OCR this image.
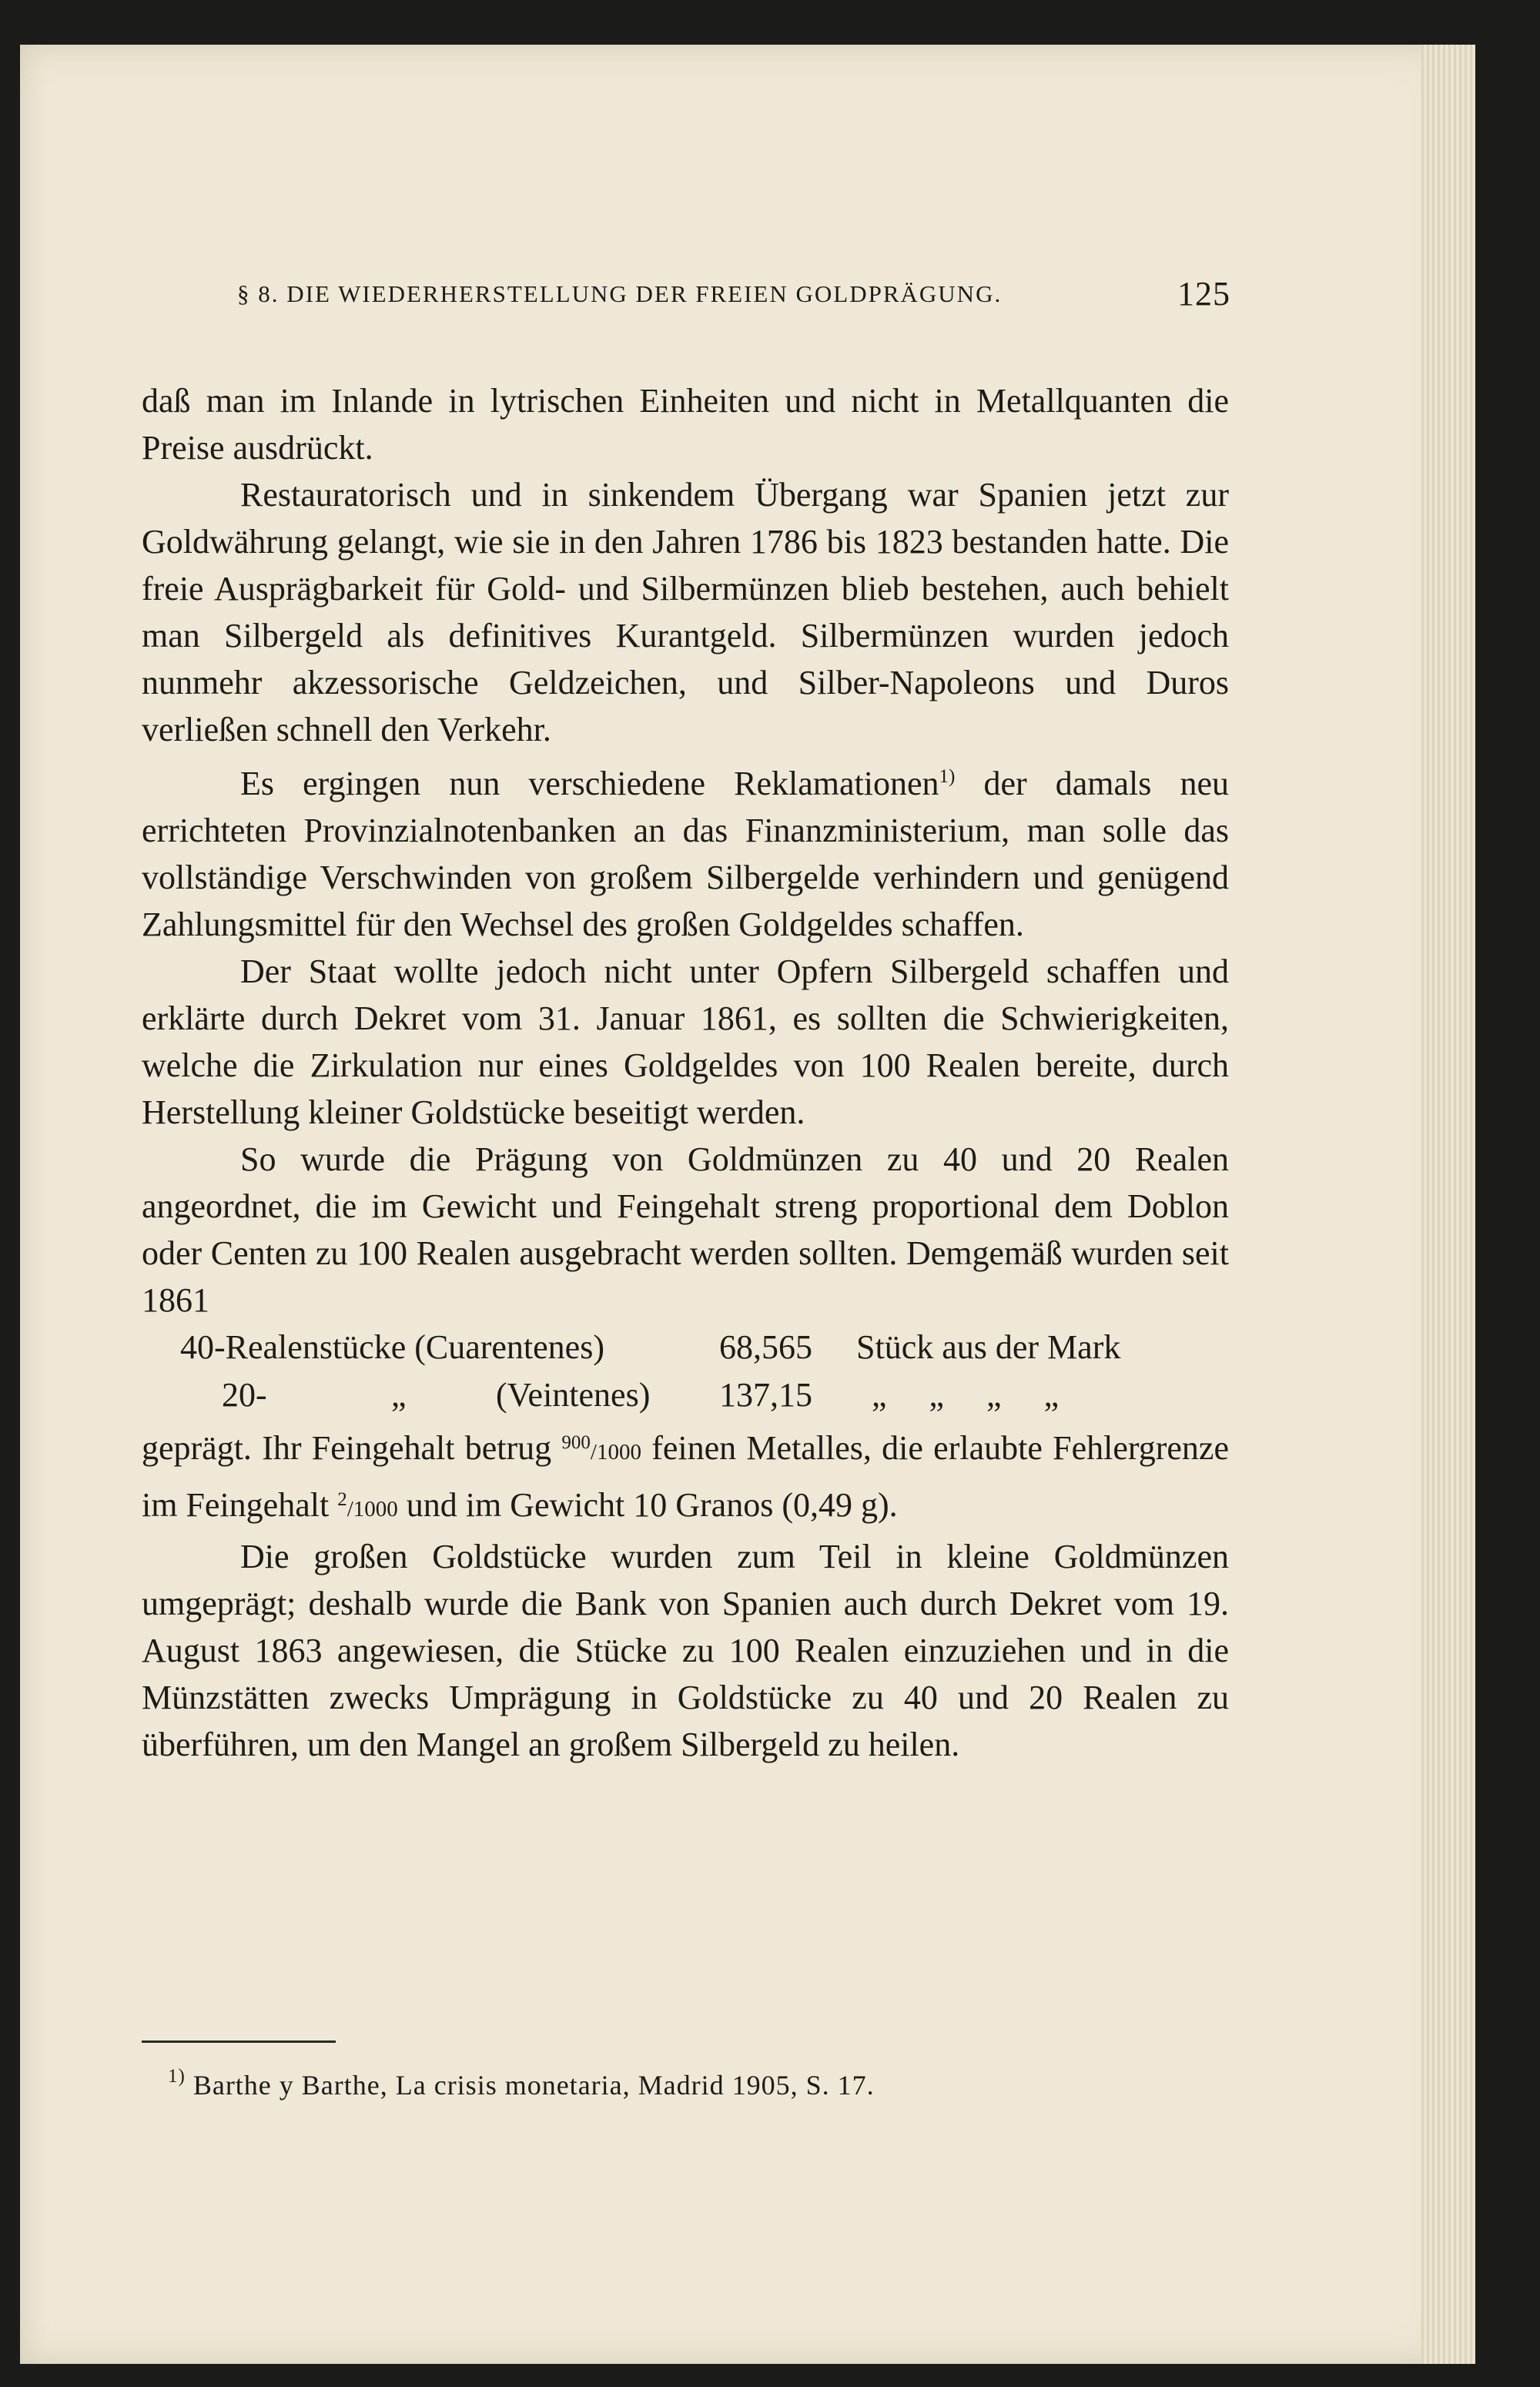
§ 8. DIE WIEDERHERSTELLUNG DER FREIEN GOLDPRÄGUNG.	125

daß man im Inlande in lytrischen Einheiten und nicht in Metallquanten die Preise ausdrückt.

Restauratorisch und in sinkendem Übergang war Spanien jetzt zur Goldwährung gelangt, wie sie in den Jahren 1786 bis 1823 bestanden hatte. Die freie Ausprägbarkeit für Gold- und Silbermünzen blieb bestehen, auch behielt man Silbergeld als definitives Kurantgeld. Silbermünzen wurden jedoch nunmehr akzessorische Geldzeichen, und Silber-Napoleons und Duros verließen schnell den Verkehr.

Es ergingen nun verschiedene Reklamationen$^{1)}$ der damals neu errichteten Provinzialnotenbanken an das Finanzministerium, man solle das vollständige Verschwinden von großem Silbergelde verhindern und genügend Zahlungsmittel für den Wechsel des großen Goldgeldes schaffen.

Der Staat wollte jedoch nicht unter Opfern Silbergeld schaffen und erklärte durch Dekret vom 31. Januar 1861, es sollten die Schwierigkeiten, welche die Zirkulation nur eines Goldgeldes von 100 Realen bereite, durch Herstellung kleiner Goldstücke beseitigt werden.

So wurde die Prägung von Goldmünzen zu 40 und 20 Realen angeordnet, die im Gewicht und Feingehalt streng proportional dem Doblon oder Centen zu 100 Realen ausgebracht werden sollten. Demgemäß wurden seit 1861

40-Realenstücke (Cuarentenes)	68,565 Stück aus der Mark
20-	„	(Veintenes) 137,15 „     „     „     „

geprägt. Ihr Feingehalt betrug $^{900}$/1000 feinen Metalles, die erlaubte Fehlergrenze im Feingehalt $^2$/1000 und im Gewicht 10 Granos (0,49 g).

Die großen Goldstücke wurden zum Teil in kleine Goldmünzen umgeprägt; deshalb wurde die Bank von Spanien auch durch Dekret vom 19. August 1863 angewiesen, die Stücke zu 100 Realen einzuziehen und in die Münzstätten zwecks Umprägung in Goldstücke zu 40 und 20 Realen zu überführen, um den Mangel an großem Silbergeld zu heilen.

$^{1)}$ Barthe y Barthe, La crisis monetaria, Madrid 1905, S. 17.
